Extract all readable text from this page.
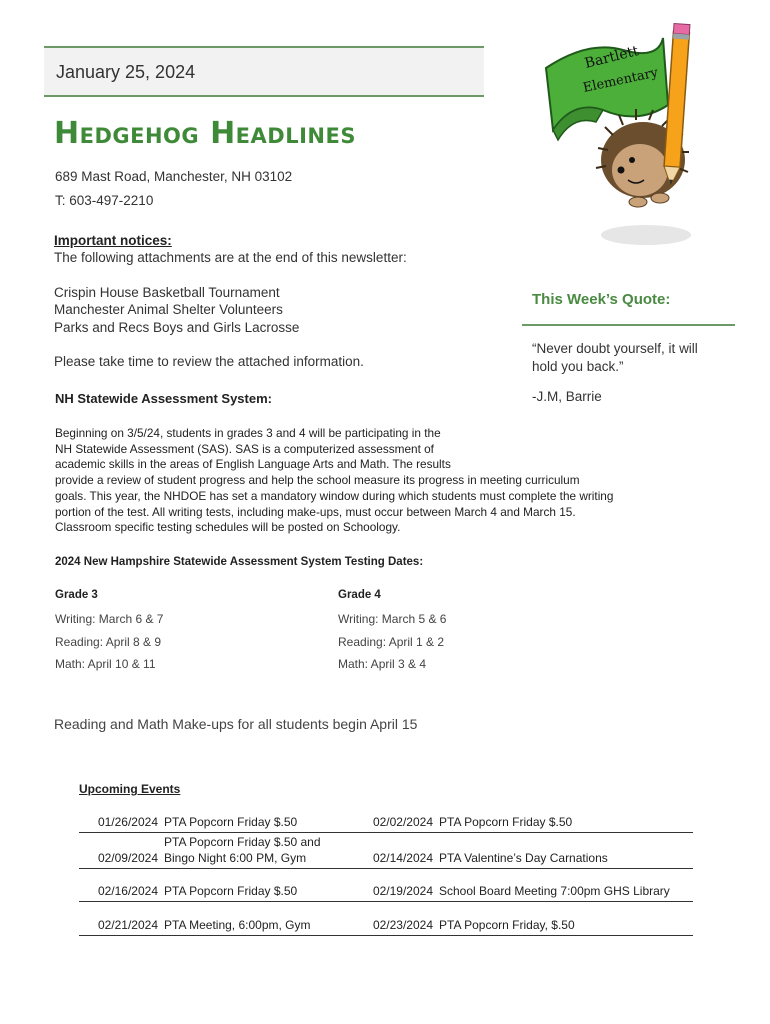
January 25, 2024
Hedgehog Headlines
689 Mast Road, Manchester, NH 03102
T: 603-497-2210
Important notices:
The following attachments are at the end of this newsletter:
Crispin House Basketball Tournament
Manchester Animal Shelter Volunteers
Parks and Recs Boys and Girls Lacrosse
Please take time to review the attached information.
This Week’s Quote:
“Never doubt yourself, it will
hold you back.”
-J.M, Barrie
NH Statewide Assessment System:
Beginning on 3/5/24, students in grades 3 and 4 will be participating in the
NH Statewide Assessment (SAS). SAS is a computerized assessment of
academic skills in the areas of English Language Arts and Math. The results
provide a review of student progress and help the school measure its progress in meeting curriculum
goals. This year, the NHDOE has set a mandatory window during which students must complete the writing
portion of the test. All writing tests, including make-ups, must occur between March 4 and March 15.
Classroom specific testing schedules will be posted on Schoology.
2024 New Hampshire Statewide Assessment System Testing Dates:
Grade 3
Writing: March 6 & 7
Reading: April 8 & 9
Math: April 10 & 11
Grade 4
Writing: March 5 & 6
Reading: April 1 & 2
Math: April 3 & 4
Reading and Math Make-ups for all students begin April 15
Upcoming Events
01/26/2024	PTA Popcorn Friday $.50	02/02/2024	PTA Popcorn Friday $.50
02/09/2024	PTA Popcorn Friday $.50 and Bingo Night 6:00 PM, Gym	02/14/2024	PTA Valentine’s Day Carnations
02/16/2024	PTA Popcorn Friday $.50	02/19/2024	School Board Meeting 7:00pm GHS Library
02/21/2024	PTA Meeting, 6:00pm, Gym	02/23/2024	PTA Popcorn Friday, $.50
Bartlett
Elementary
